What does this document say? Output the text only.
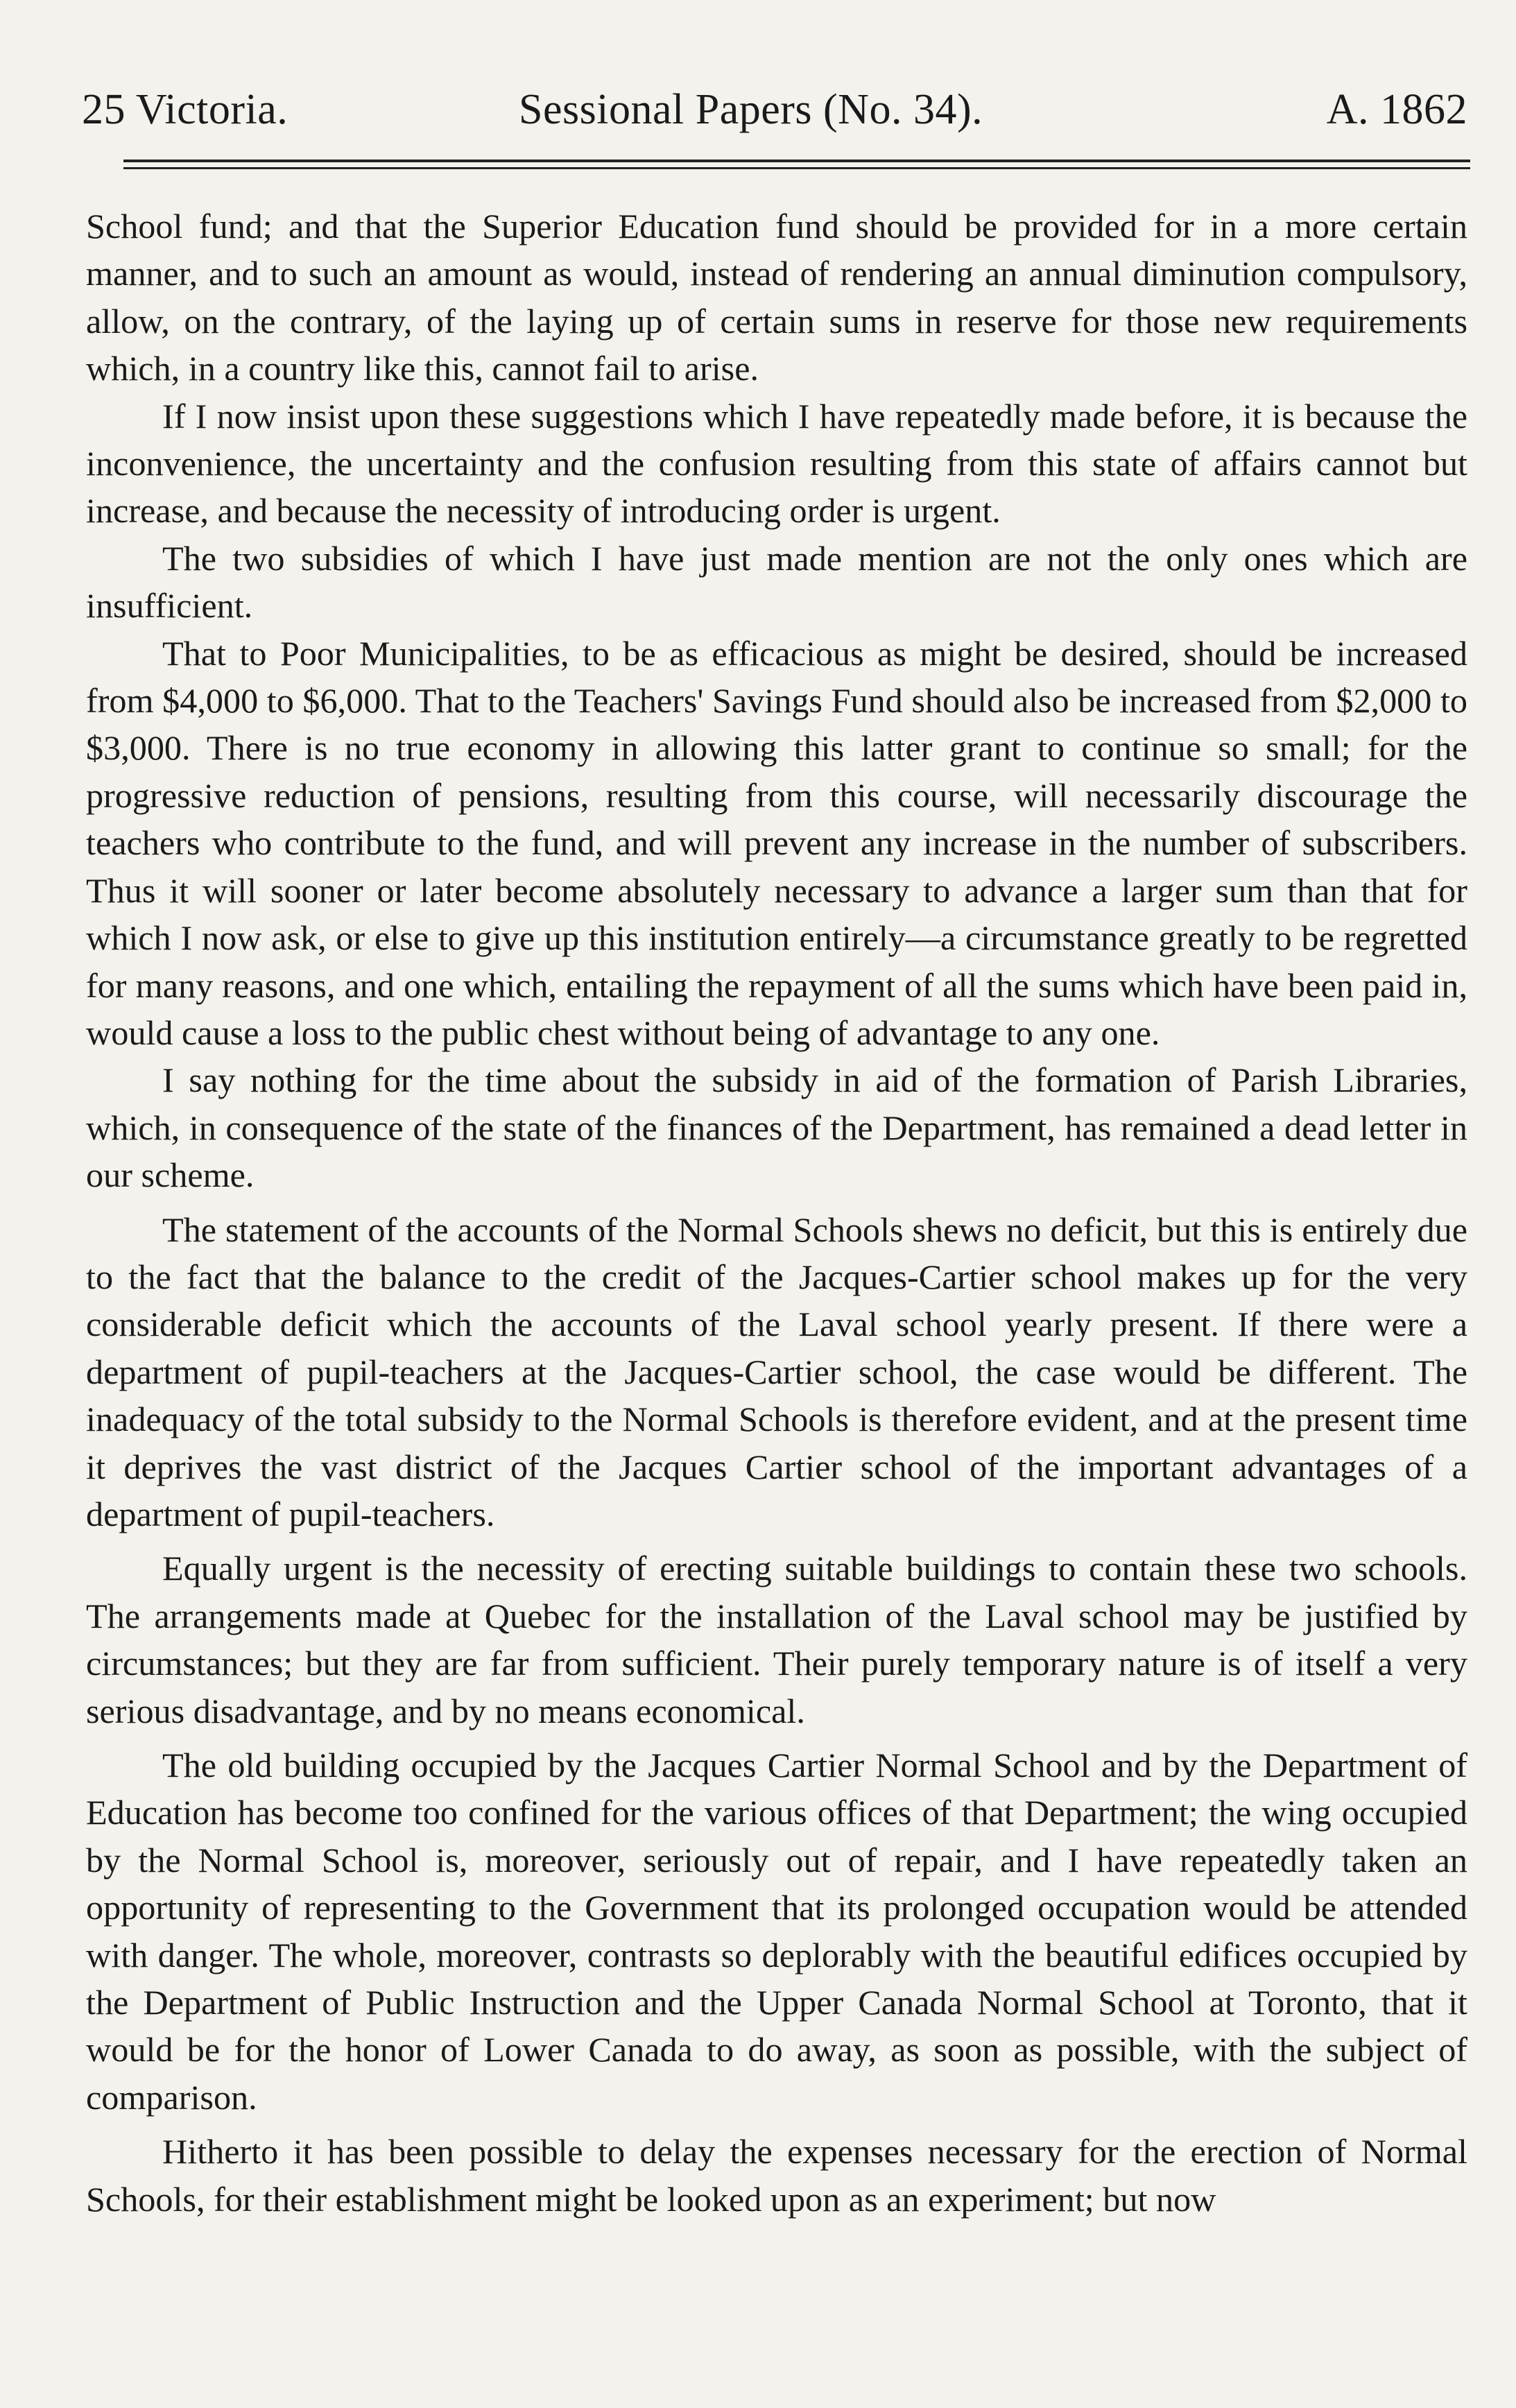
25 Victoria.	Sessional Papers (No. 34).	A. 1862

School fund; and that the Superior Education fund should be provided for in a more certain manner, and to such an amount as would, instead of rendering an annual diminution compulsory, allow, on the contrary, of the laying up of certain sums in reserve for those new requirements which, in a country like this, cannot fail to arise.

If I now insist upon these suggestions which I have repeatedly made before, it is because the inconvenience, the uncertainty and the confusion resulting from this state of affairs cannot but increase, and because the necessity of introducing order is urgent.

The two subsidies of which I have just made mention are not the only ones which are insufficient.

That to Poor Municipalities, to be as efficacious as might be desired, should be increased from $4,000 to $6,000. That to the Teachers' Savings Fund should also be increased from $2,000 to $3,000. There is no true economy in allowing this latter grant to continue so small; for the progressive reduction of pensions, resulting from this course, will necessarily discourage the teachers who contribute to the fund, and will prevent any increase in the number of subscribers. Thus it will sooner or later become absolutely necessary to advance a larger sum than that for which I now ask, or else to give up this institution entirely—a circumstance greatly to be regretted for many reasons, and one which, entailing the repayment of all the sums which have been paid in, would cause a loss to the public chest without being of advantage to any one.

I say nothing for the time about the subsidy in aid of the formation of Parish Libraries, which, in consequence of the state of the finances of the Department, has remained a dead letter in our scheme.

The statement of the accounts of the Normal Schools shews no deficit, but this is entirely due to the fact that the balance to the credit of the Jacques-Cartier school makes up for the very considerable deficit which the accounts of the Laval school yearly present. If there were a department of pupil-teachers at the Jacques-Cartier school, the case would be different. The inadequacy of the total subsidy to the Normal Schools is therefore evident, and at the present time it deprives the vast district of the Jacques Cartier school of the important advantages of a department of pupil-teachers.

Equally urgent is the necessity of erecting suitable buildings to contain these two schools. The arrangements made at Quebec for the installation of the Laval school may be justified by circumstances; but they are far from sufficient. Their purely temporary nature is of itself a very serious disadvantage, and by no means economical.

The old building occupied by the Jacques Cartier Normal School and by the Department of Education has become too confined for the various offices of that Department; the wing occupied by the Normal School is, moreover, seriously out of repair, and I have repeatedly taken an opportunity of representing to the Government that its prolonged occupation would be attended with danger. The whole, moreover, contrasts so deplorably with the beautiful edifices occupied by the Department of Public Instruction and the Upper Canada Normal School at Toronto, that it would be for the honor of Lower Canada to do away, as soon as possible, with the subject of comparison.

Hitherto it has been possible to delay the expenses necessary for the erection of Normal Schools, for their establishment might be looked upon as an experiment; but now
